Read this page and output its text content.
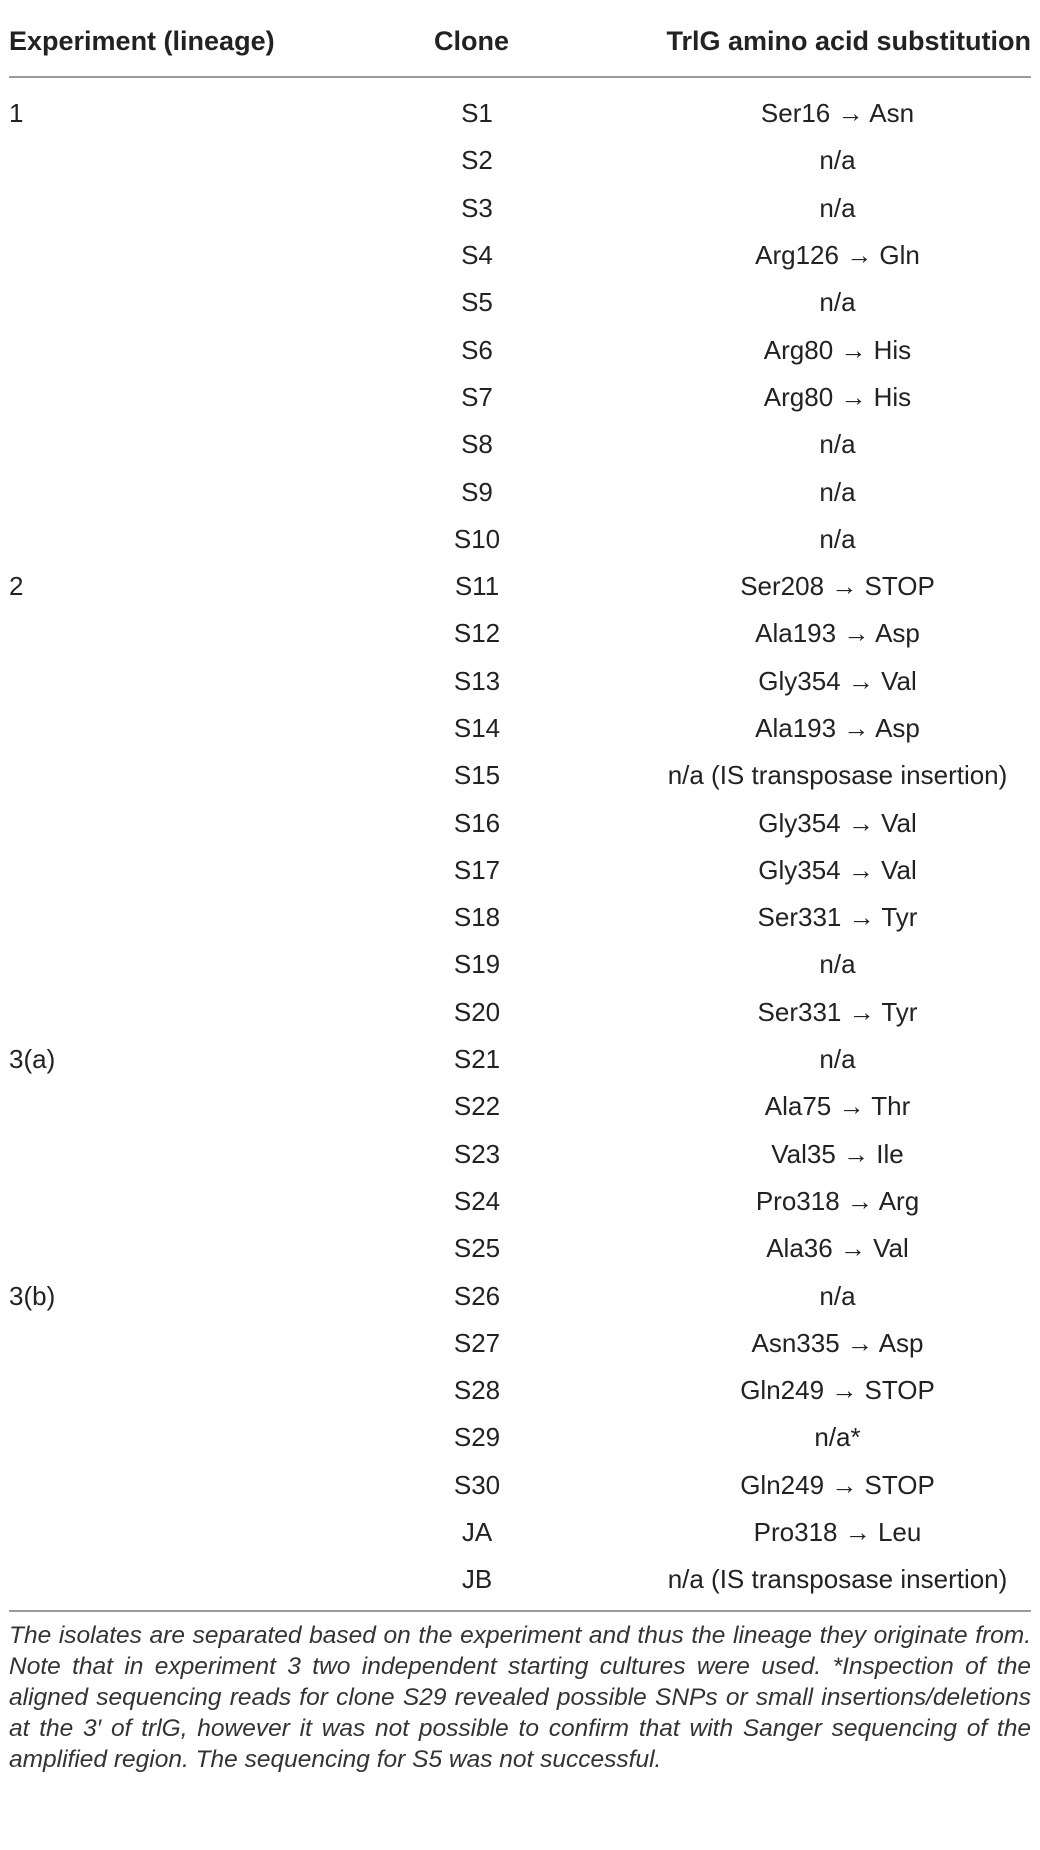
Experiment (lineage)	Clone	TrlG amino acid substitution
1	S1	Ser16 → Asn
	S2	n/a
	S3	n/a
	S4	Arg126 → Gln
	S5	n/a
	S6	Arg80 → His
	S7	Arg80 → His
	S8	n/a
	S9	n/a
	S10	n/a
2	S11	Ser208 → STOP
	S12	Ala193 → Asp
	S13	Gly354 → Val
	S14	Ala193 → Asp
	S15	n/a (IS transposase insertion)
	S16	Gly354 → Val
	S17	Gly354 → Val
	S18	Ser331 → Tyr
	S19	n/a
	S20	Ser331 → Tyr
3(a)	S21	n/a
	S22	Ala75 → Thr
	S23	Val35 → Ile
	S24	Pro318 → Arg
	S25	Ala36 → Val
3(b)	S26	n/a
	S27	Asn335 → Asp
	S28	Gln249 → STOP
	S29	n/a*
	S30	Gln249 → STOP
	JA	Pro318 → Leu
	JB	n/a (IS transposase insertion)

The isolates are separated based on the experiment and thus the lineage they originate from. Note that in experiment 3 two independent starting cultures were used. *Inspection of the aligned sequencing reads for clone S29 revealed possible SNPs or small insertions/deletions at the 3′ of trlG, however it was not possible to confirm that with Sanger sequencing of the amplified region. The sequencing for S5 was not successful.
